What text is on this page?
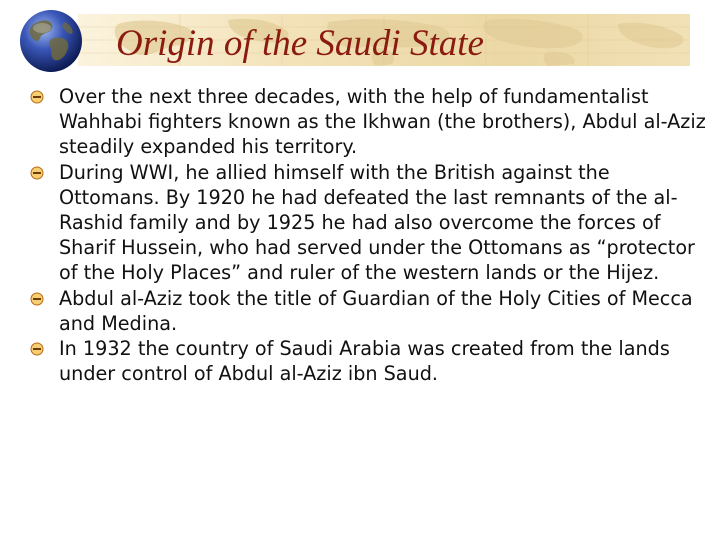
Origin of the Saudi State
Over the next three decades, with the help of fundamentalist Wahhabi fighters known as the Ikhwan (the brothers), Abdul al-Aziz steadily expanded his territory.
During WWI, he allied himself with the British against the Ottomans. By 1920 he had defeated the last remnants of the al-Rashid family and by 1925 he had also overcome the forces of Sharif Hussein, who had served under the Ottomans as “protector of the Holy Places” and ruler of the western lands or the Hijez.
Abdul al-Aziz took the title of Guardian of the Holy Cities of Mecca and Medina.
In 1932 the country of Saudi Arabia was created from the lands under control of Abdul al-Aziz ibn Saud.
